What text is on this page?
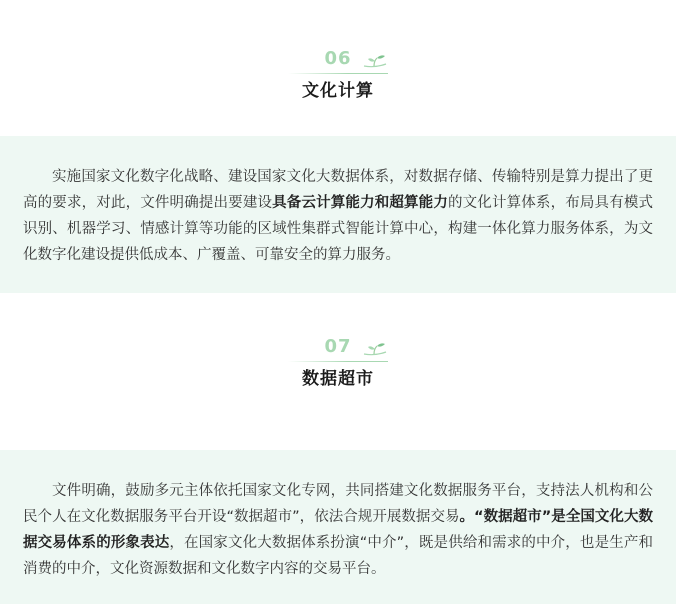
06
文化计算

实施国家文化数字化战略、建设国家文化大数据体系，对数据存储、传输特别是算力提出了更高的要求，对此，文件明确提出要建设具备云计算能力和超算能力的文化计算体系，布局具有模式识别、机器学习、情感计算等功能的区域性集群式智能计算中心，构建一体化算力服务体系，为文化数字化建设提供低成本、广覆盖、可靠安全的算力服务。

07
数据超市

文件明确，鼓励多元主体依托国家文化专网，共同搭建文化数据服务平台，支持法人机构和公民个人在文化数据服务平台开设“数据超市”，依法合规开展数据交易。“数据超市”是全国文化大数据交易体系的形象表达，在国家文化大数据体系扮演“中介”，既是供给和需求的中介，也是生产和消费的中介，文化资源数据和文化数字内容的交易平台。
